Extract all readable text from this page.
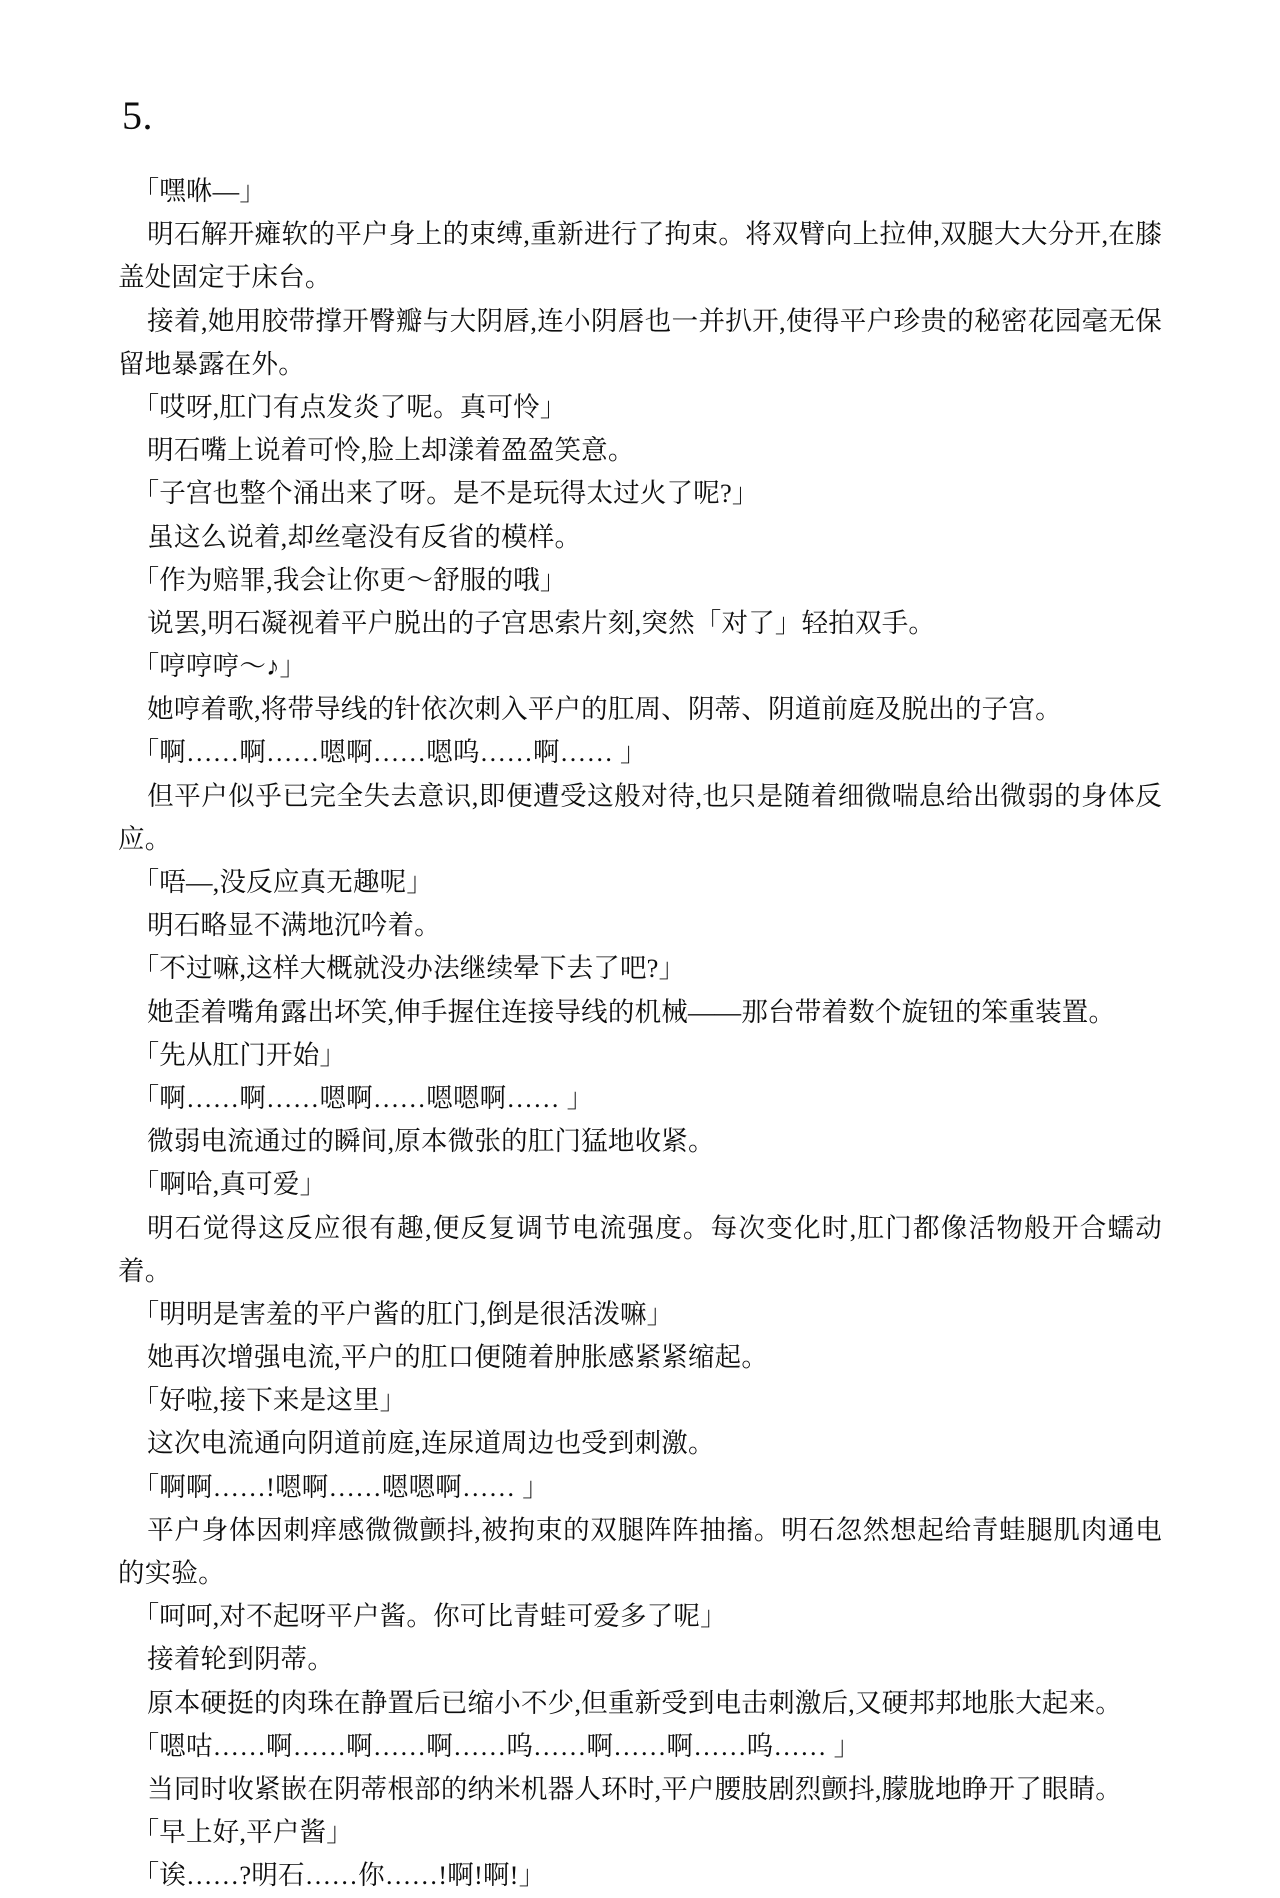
5.

「嘿咻—」

明石解开瘫软的平户身上的束缚,重新进行了拘束。将双臂向上拉伸,双腿大大分开,在膝盖处固定于床台。

接着,她用胶带撑开臀瓣与大阴唇,连小阴唇也一并扒开,使得平户珍贵的秘密花园毫无保留地暴露在外。

「哎呀,肛门有点发炎了呢。真可怜」

明石嘴上说着可怜,脸上却漾着盈盈笑意。

「子宫也整个涌出来了呀。是不是玩得太过火了呢?」

虽这么说着,却丝毫没有反省的模样。

「作为赔罪,我会让你更～舒服的哦」

说罢,明石凝视着平户脱出的子宫思索片刻,突然「对了」轻拍双手。

「哼哼哼～♪」

她哼着歌,将带导线的针依次刺入平户的肛周、阴蒂、阴道前庭及脱出的子宫。

「啊……啊……嗯啊……嗯呜……啊…… 」

但平户似乎已完全失去意识,即便遭受这般对待,也只是随着细微喘息给出微弱的身体反应。

「唔—,没反应真无趣呢」

明石略显不满地沉吟着。

「不过嘛,这样大概就没办法继续晕下去了吧?」

她歪着嘴角露出坏笑,伸手握住连接导线的机械——那台带着数个旋钮的笨重装置。

「先从肛门开始」

「啊……啊……嗯啊……嗯嗯啊…… 」

微弱电流通过的瞬间,原本微张的肛门猛地收紧。

「啊哈,真可爱」

明石觉得这反应很有趣,便反复调节电流强度。每次变化时,肛门都像活物般开合蠕动着。

「明明是害羞的平户酱的肛门,倒是很活泼嘛」

她再次增强电流,平户的肛口便随着肿胀感紧紧缩起。

「好啦,接下来是这里」

这次电流通向阴道前庭,连尿道周边也受到刺激。

「啊啊……!嗯啊……嗯嗯啊…… 」

平户身体因刺痒感微微颤抖,被拘束的双腿阵阵抽搐。明石忽然想起给青蛙腿肌肉通电的实验。

「呵呵,对不起呀平户酱。你可比青蛙可爱多了呢」

接着轮到阴蒂。

原本硬挺的肉珠在静置后已缩小不少,但重新受到电击刺激后,又硬邦邦地胀大起来。

「嗯咕……啊……啊……啊……呜……啊……啊……呜…… 」

当同时收紧嵌在阴蒂根部的纳米机器人环时,平户腰肢剧烈颤抖,朦胧地睁开了眼睛。

「早上好,平户酱」

「诶……?明石……你……!啊!啊!」
